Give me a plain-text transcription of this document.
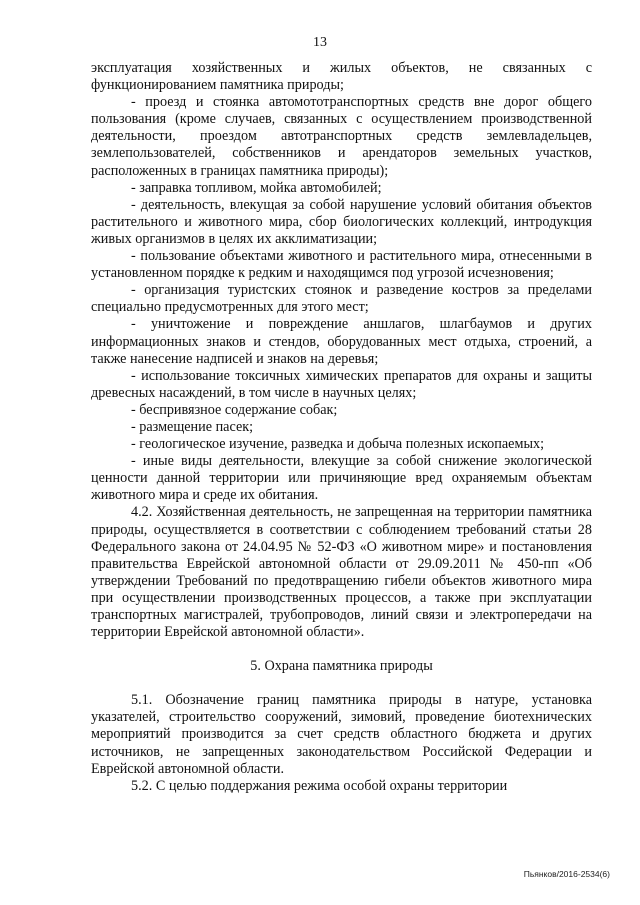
13

эксплуатация хозяйственных и жилых объектов, не связанных с функционированием памятника природы;

- проезд и стоянка автомототранспортных средств вне дорог общего пользования (кроме случаев, связанных с осуществлением производственной деятельности, проездом автотранспортных средств землевладельцев, землепользователей, собственников и арендаторов земельных участков, расположенных в границах памятника природы);

- заправка топливом, мойка автомобилей;

- деятельность, влекущая за собой нарушение условий обитания объектов растительного и животного мира, сбор биологических коллекций, интродукция живых организмов в целях их акклиматизации;

- пользование объектами животного и растительного мира, отнесенными в установленном порядке к редким и находящимся под угрозой исчезновения;

- организация туристских стоянок и разведение костров за пределами специально предусмотренных для этого мест;

- уничтожение и повреждение аншлагов, шлагбаумов и других информационных знаков и стендов, оборудованных мест отдыха, строений, а также нанесение надписей и знаков на деревья;

- использование токсичных химических препаратов для охраны и защиты древесных насаждений, в том числе в научных целях;

- беспривязное содержание собак;

- размещение пасек;

- геологическое изучение, разведка и добыча полезных ископаемых;

- иные виды деятельности, влекущие за собой снижение экологической ценности данной территории или причиняющие вред охраняемым объектам животного мира и среде их обитания.

4.2. Хозяйственная деятельность, не запрещенная на территории памятника природы, осуществляется в соответствии с соблюдением требований статьи 28 Федерального закона от 24.04.95 № 52-ФЗ «О животном мире» и постановления правительства Еврейской автономной области от 29.09.2011 № 450-пп «Об утверждении Требований по предотвращению гибели объектов животного мира при осуществлении производственных процессов, а также при эксплуатации транспортных магистралей, трубопроводов, линий связи и электропередачи на территории Еврейской автономной области».

5. Охрана памятника природы

5.1. Обозначение границ памятника природы в натуре, установка указателей, строительство сооружений, зимовий, проведение биотехнических мероприятий производится за счет средств областного бюджета и других источников, не запрещенных законодательством Российской Федерации и Еврейской автономной области.

5.2. С целью поддержания режима особой охраны территории

Пьянков/2016-2534(6)
